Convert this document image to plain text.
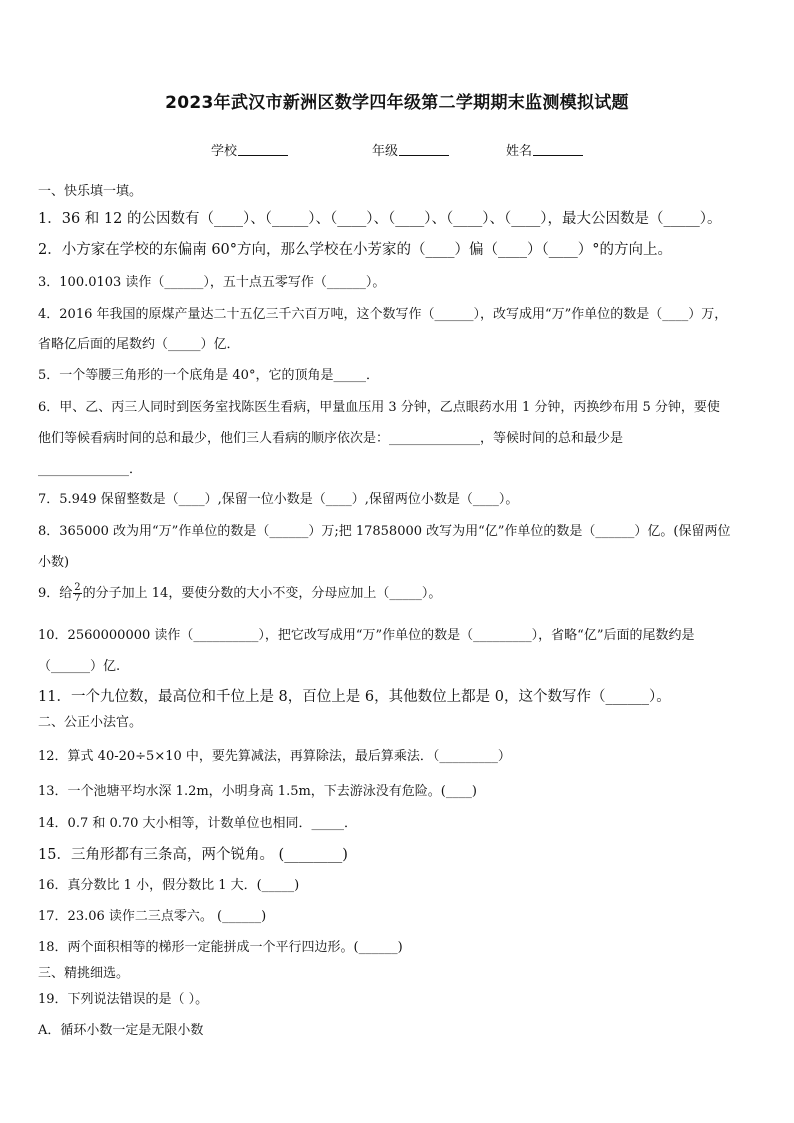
2023年武汉市新洲区数学四年级第二学期期末监测模拟试题
学校	年级	姓名
一、快乐填一填。
1．36 和 12 的公因数有（____）、（_____）、（____）、（____）、（____）、（____），最大公因数是（_____）。
2．小方家在学校的东偏南 60°方向，那么学校在小芳家的（____）偏（____）（____）°的方向上。
3．100.0103 读作（______），五十点五零写作（______）。
4．2016 年我国的原煤产量达二十五亿三千六百万吨，这个数写作（______），改写成用“万”作单位的数是（____）万，
省略亿后面的尾数约（_____）亿．
5．一个等腰三角形的一个底角是 40°，它的顶角是_____．
6．甲、乙、丙三人同时到医务室找陈医生看病，甲量血压用 3 分钟，乙点眼药水用 1 分钟，丙换纱布用 5 分钟，要使
他们等候看病时间的总和最少，他们三人看病的顺序依次是：______________，等候时间的总和最少是
______________．
7．5.949 保留整数是（____）,保留一位小数是（____）,保留两位小数是（____）。
8．365000 改为用“万”作单位的数是（______）万;把 17858000 改写为用“亿”作单位的数是（______）亿。(保留两位
小数)
9．给 $\frac{2}{7}$ 的分子加上 14，要使分数的大小不变，分母应加上（_____）。
10．2560000000 读作（__________），把它改写成用“万”作单位的数是（_________），省略“亿”后面的尾数约是
（______）亿.
11．一个九位数，最高位和千位上是 8，百位上是 6，其他数位上都是 0，这个数写作（______）。
二、公正小法官。
12．算式 40-20÷5×10 中，要先算减法，再算除法，最后算乘法．（_________）
13．一个池塘平均水深 1.2m，小明身高 1.5m，下去游泳没有危险。(____)
14．0.7 和 0.70 大小相等，计数单位也相同．_____．
15．三角形都有三条高，两个锐角。 (________)
16．真分数比 1 小，假分数比 1 大．(_____)
17．23.06 读作二三点零六。 (______)
18．两个面积相等的梯形一定能拼成一个平行四边形。(______)
三、精挑细选。
19．下列说法错误的是（ ）。
A．循环小数一定是无限小数
